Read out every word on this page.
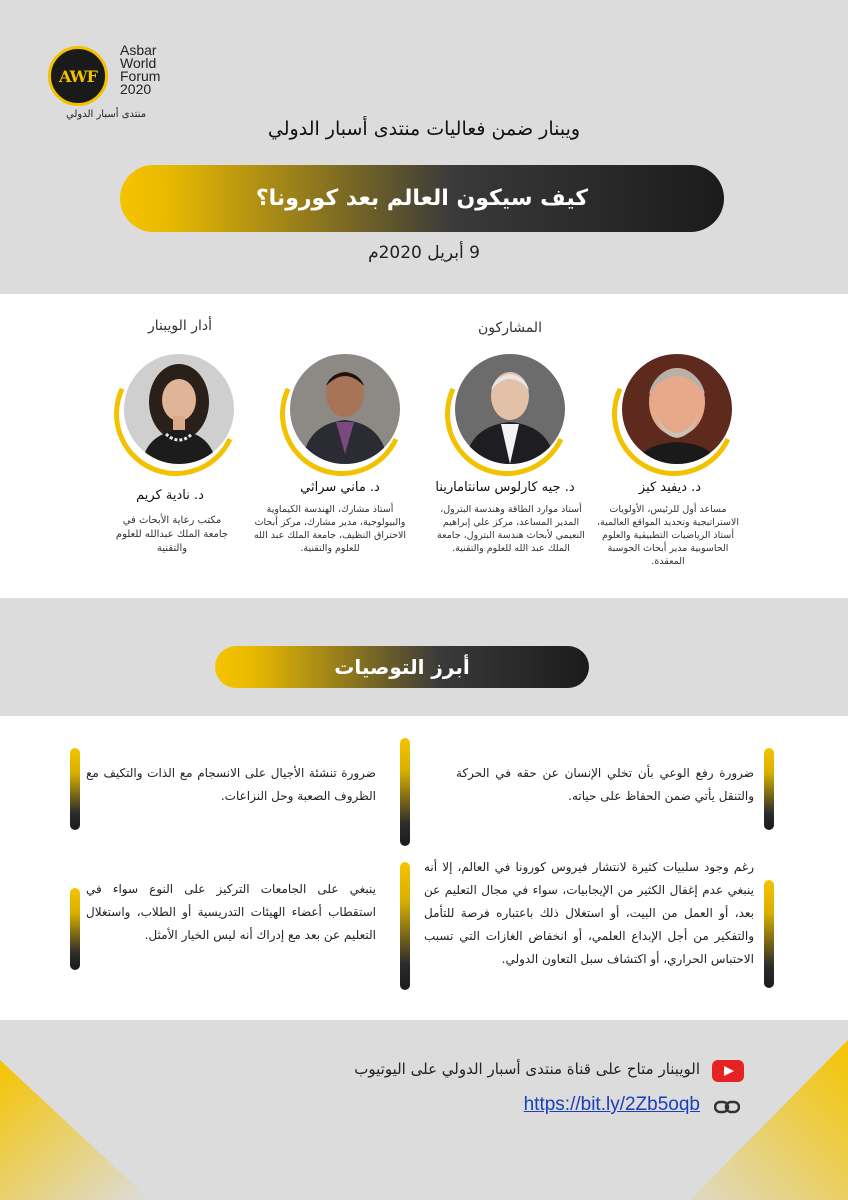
AWF
Asbar
World
Forum
2020
منتدى أسبار الدولي
ويبنار ضمن فعاليات منتدى أسبار الدولي
كيف سيكون العالم بعد كورونا؟
9 أبريل 2020م
أدار الويبنار	المشاركون
د. نادية كريم
مكتب رعاية الأبحاث في جامعة الملك عبدالله للعلوم والتقنية
د. ماني سراثي
أستاذ مشارك، الهندسة الكيماوية والبيولوجية، مدير مشارك، مركز أبحاث الاحتراق النظيف، جامعة الملك عبد الله للعلوم والتقنية.
د. جيه كارلوس سانتامارينا
أستاذ موارد الطاقة وهندسة البترول، المدير المساعد، مركز علي إبراهيم النعيمي لأبحاث هندسة البترول، جامعة الملك عبد الله للعلوم والتقنية.
د. ديفيد كيز
مساعد أول للرئيس، الأولويات الاستراتيجية وتحديد المواقع العالمية، أستاذ الرياضيات التطبيقية والعلوم الحاسوبية مدير أبحاث الحوسبة المعقدة.
أبرز التوصيات
ضرورة رفع الوعي بأن تخلي الإنسان عن حقه في الحركة والتنقل يأتي ضمن الحفاظ على حياته.
ضرورة تنشئة الأجيال على الانسجام مع الذات والتكيف مع الظروف الصعبة وحل النزاعات.
رغم وجود سلبيات كثيرة لانتشار فيروس كورونا في العالم، إلا أنه ينبغي عدم إغفال الكثير من الإيجابيات، سواء في مجال التعليم عن بعد، أو العمل من البيت، أو استغلال ذلك باعتباره فرصة للتأمل والتفكير من أجل الإبداع العلمي، أو انخفاض الغازات التي تسبب الاحتباس الحراري، أو اكتشاف سبل التعاون الدولي.
ينبغي على الجامعات التركيز على النوع سواء في استقطاب أعضاء الهيئات التدريسية أو الطلاب، واستغلال التعليم عن بعد مع إدراك أنه ليس الخيار الأمثل.
الويبنار متاح على قناة منتدى أسبار الدولي على اليوتيوب
https://bit.ly/2Zb5oqb
